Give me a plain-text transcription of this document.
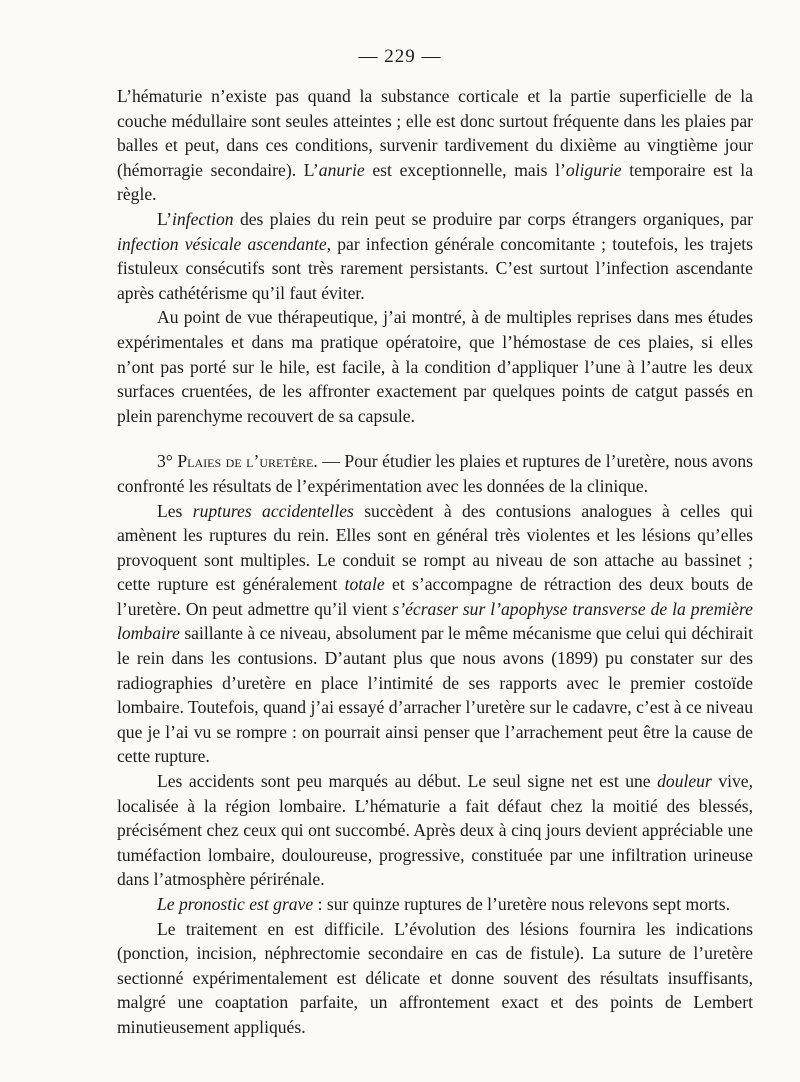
— 229 —

L’hématurie n’existe pas quand la substance corticale et la partie superficielle de la couche médullaire sont seules atteintes ; elle est donc surtout fréquente dans les plaies par balles et peut, dans ces conditions, survenir tardivement du dixième au vingtième jour (hémorragie secondaire). L’anurie est exceptionnelle, mais l’oligurie temporaire est la règle.

L’infection des plaies du rein peut se produire par corps étrangers organiques, par infection vésicale ascendante, par infection générale concomitante ; toutefois, les trajets fistuleux consécutifs sont très rarement persistants. C’est surtout l’infection ascendante après cathétérisme qu’il faut éviter.

Au point de vue thérapeutique, j’ai montré, à de multiples reprises dans mes études expérimentales et dans ma pratique opératoire, que l’hémostase de ces plaies, si elles n’ont pas porté sur le hile, est facile, à la condition d’appliquer l’une à l’autre les deux surfaces cruentées, de les affronter exactement par quelques points de catgut passés en plein parenchyme recouvert de sa capsule.

3° Plaies de l’uretère. — Pour étudier les plaies et ruptures de l’uretère, nous avons confronté les résultats de l’expérimentation avec les données de la clinique.

Les ruptures accidentelles succèdent à des contusions analogues à celles qui amènent les ruptures du rein. Elles sont en général très violentes et les lésions qu’elles provoquent sont multiples. Le conduit se rompt au niveau de son attache au bassinet ; cette rupture est généralement totale et s’accompagne de rétraction des deux bouts de l’uretère. On peut admettre qu’il vient s’écraser sur l’apophyse transverse de la première lombaire saillante à ce niveau, absolument par le même mécanisme que celui qui déchirait le rein dans les contusions. D’autant plus que nous avons (1899) pu constater sur des radiographies d’uretère en place l’intimité de ses rapports avec le premier costoïde lombaire. Toutefois, quand j’ai essayé d’arracher l’uretère sur le cadavre, c’est à ce niveau que je l’ai vu se rompre : on pourrait ainsi penser que l’arrachement peut être la cause de cette rupture.

Les accidents sont peu marqués au début. Le seul signe net est une douleur vive, localisée à la région lombaire. L’hématurie a fait défaut chez la moitié des blessés, précisément chez ceux qui ont succombé. Après deux à cinq jours devient appréciable une tuméfaction lombaire, douloureuse, progressive, constituée par une infiltration urineuse dans l’atmosphère périrénale.

Le pronostic est grave : sur quinze ruptures de l’uretère nous relevons sept morts.

Le traitement en est difficile. L’évolution des lésions fournira les indications (ponction, incision, néphrectomie secondaire en cas de fistule). La suture de l’uretère sectionné expérimentalement est délicate et donne souvent des résultats insuffisants, malgré une coaptation parfaite, un affrontement exact et des points de Lembert minutieusement appliqués.
